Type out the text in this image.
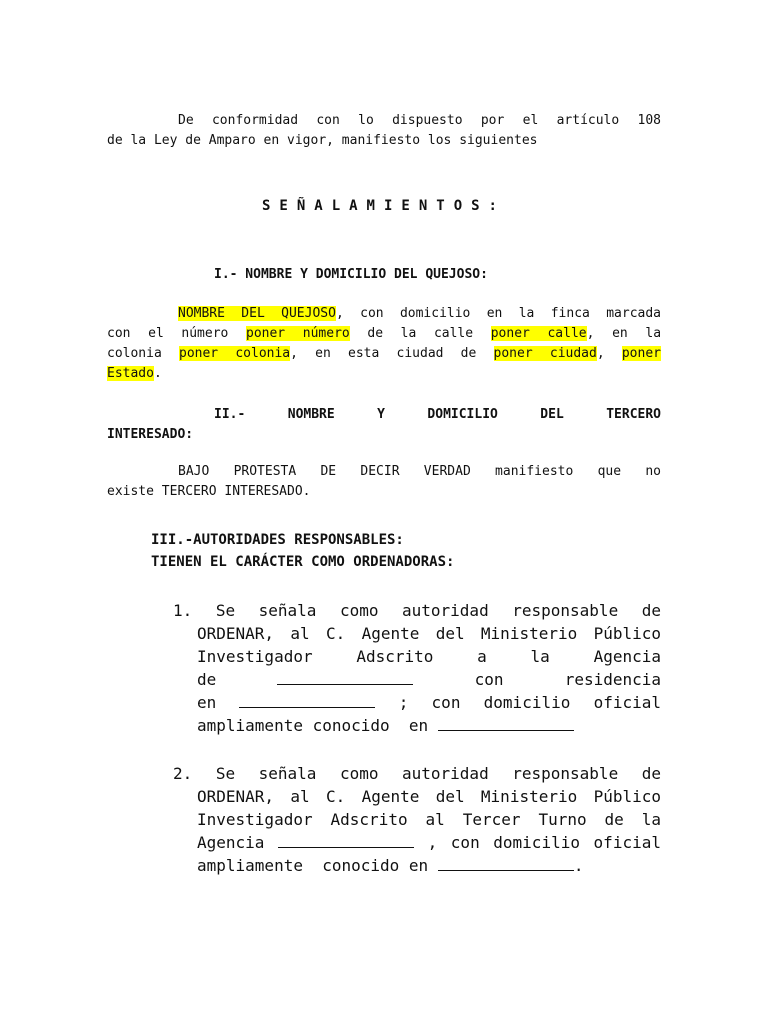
De conformidad con lo dispuesto por el artículo 108
de la Ley de Amparo en vigor, manifiesto los siguientes
SEÑALAMIENTOS:
I.- NOMBRE Y DOMICILIO DEL QUEJOSO:
NOMBRE DEL QUEJOSO, con domicilio en la finca marcada
con el número poner número de la calle poner calle, en la
colonia poner colonia, en esta ciudad de poner ciudad, poner
Estado.
II.- NOMBRE Y DOMICILIO DEL TERCERO
INTERESADO:
BAJO PROTESTA DE DECIR VERDAD manifiesto que no
existe TERCERO INTERESADO.
III.-AUTORIDADES RESPONSABLES:
TIENEN EL CARÁCTER COMO ORDENADORAS:
1. Se señala como autoridad responsable de
ORDENAR, al C. Agente del Ministerio Público
Investigador Adscrito a la Agencia
de	con	residencia
en	; con domicilio oficial
ampliamente conocido  en
2. Se señala como autoridad responsable de
ORDENAR, al C. Agente del Ministerio Público
Investigador Adscrito al Tercer Turno de la
Agencia	, con domicilio oficial
ampliamente  conocido en	.
